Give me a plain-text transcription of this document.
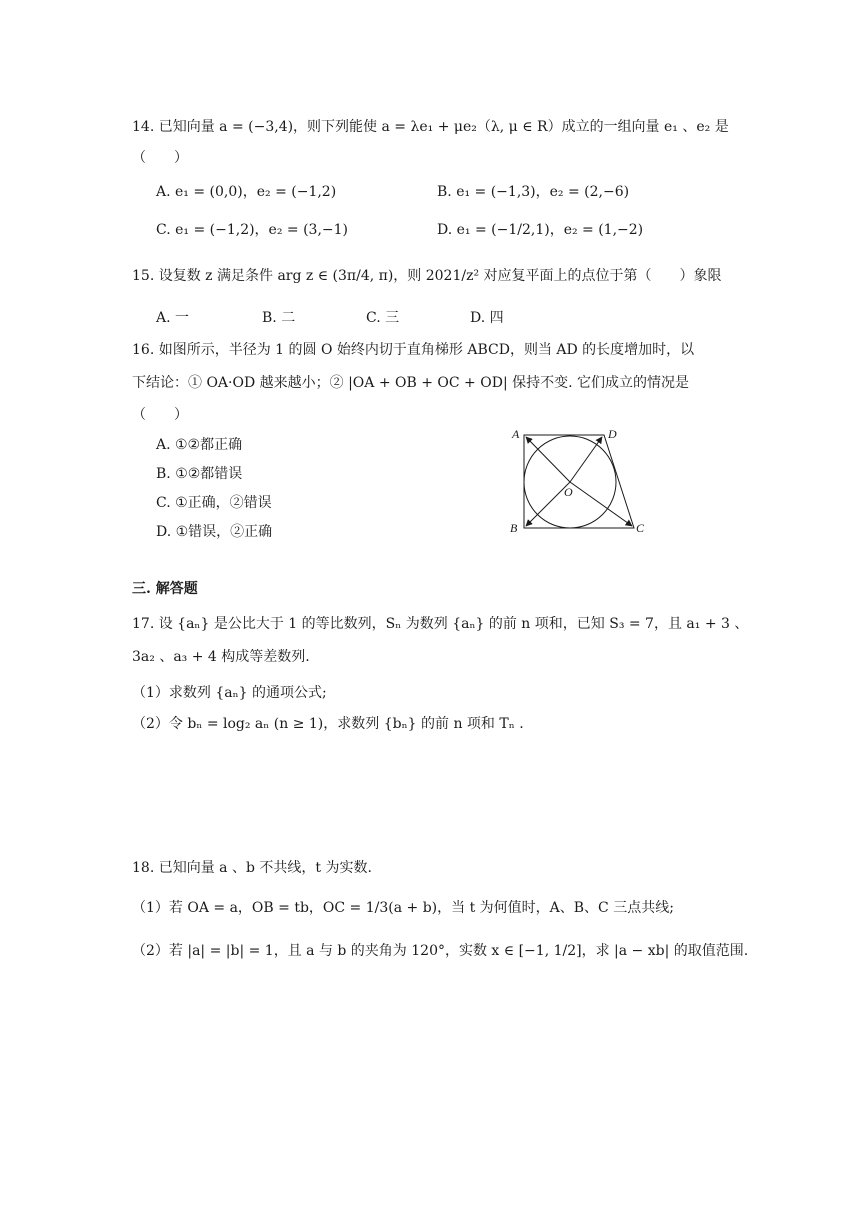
14. 已知向量 a = (−3,4)，则下列能使 a = λe₁ + μe₂（λ, μ ∈ R）成立的一组向量 e₁ 、e₂ 是
（　　）
A. e₁ = (0,0)，e₂ = (−1,2)	B. e₁ = (−1,3)，e₂ = (2,−6)
C. e₁ = (−1,2)，e₂ = (3,−1)	D. e₁ = (−1/2,1)，e₂ = (1,−2)
15. 设复数 z 满足条件 arg z ∈ (3π/4, π)，则 2021/z² 对应复平面上的点位于第（　　）象限
A. 一	B. 二	C. 三	D. 四
16. 如图所示，半径为 1 的圆 O 始终内切于直角梯形 ABCD，则当 AD 的长度增加时，以
下结论：① OA·OD 越来越小；② |OA + OB + OC + OD| 保持不变. 它们成立的情况是
（　　）
A. ①②都正确
B. ①②都错误
C. ①正确，②错误
D. ①错误，②正确
A	D
B	C
O
三. 解答题
17. 设 {aₙ} 是公比大于 1 的等比数列，Sₙ 为数列 {aₙ} 的前 n 项和，已知 S₃ = 7，且 a₁ + 3 、
3a₂ 、a₃ + 4 构成等差数列.
（1）求数列 {aₙ} 的通项公式;
（2）令 bₙ = log₂ aₙ (n ≥ 1)，求数列 {bₙ} 的前 n 项和 Tₙ .
18. 已知向量 a 、b 不共线，t 为实数.
（1）若 OA = a，OB = tb，OC = 1/3(a + b)，当 t 为何值时，A、B、C 三点共线;
（2）若 |a| = |b| = 1，且 a 与 b 的夹角为 120°，实数 x ∈ [−1, 1/2]，求 |a − xb| 的取值范围.
